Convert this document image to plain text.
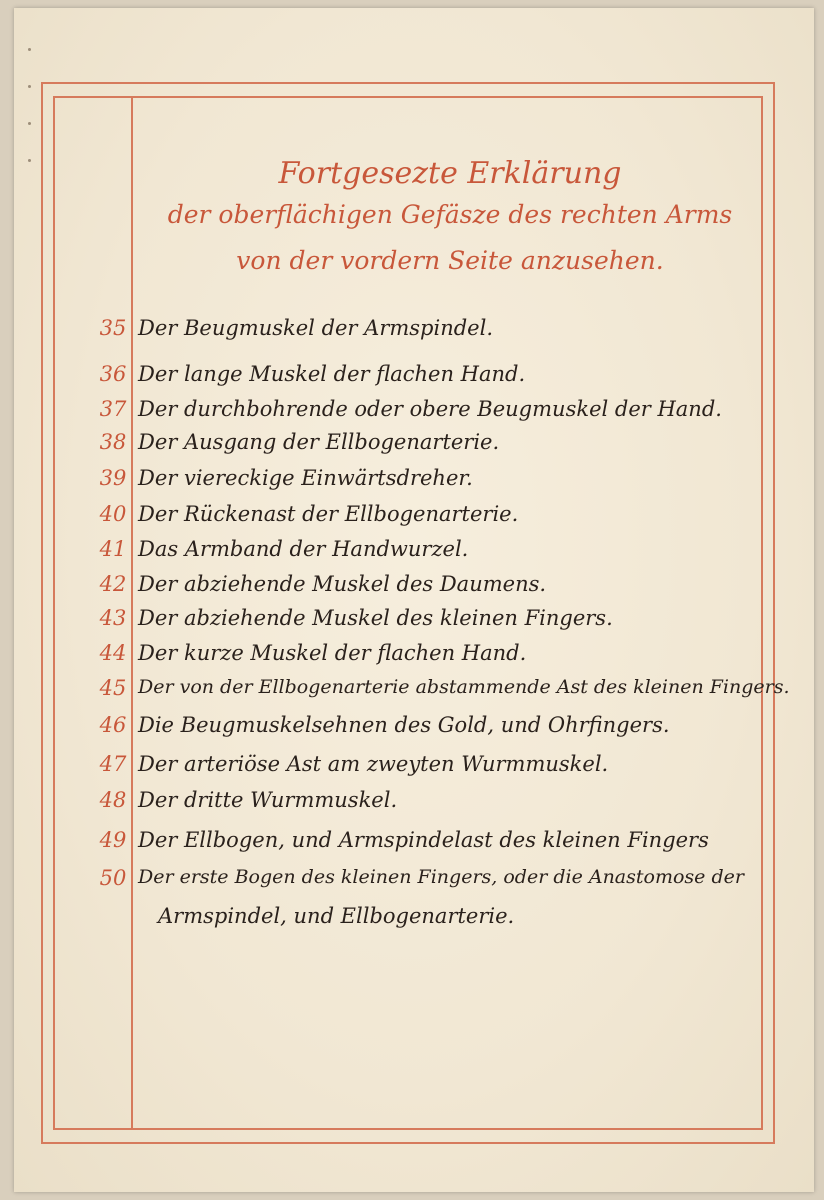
Fortgesezte Erklärung
der oberflächigen Gefäsze des rechten Arms
von der vordern Seite anzusehen.
35 Der Beugmuskel der Armspindel.
36 Der lange Muskel der flachen Hand.
37 Der durchbohrende oder obere Beugmuskel der Hand.
38 Der Ausgang der Ellbogenarterie.
39 Der viereckige Einwärtsdreher.
40 Der Rückenast der Ellbogenarterie.
41 Das Armband der Handwurzel.
42 Der abziehende Muskel des Daumens.
43 Der abziehende Muskel des kleinen Fingers.
44 Der kurze Muskel der flachen Hand.
45 Der von der Ellbogenarterie abstammende Ast des kleinen Fingers.
46 Die Beugmuskelsehnen des Gold, und Ohrfingers.
47 Der arteriöse Ast am zweyten Wurmmuskel.
48 Der dritte Wurmmuskel.
49 Der Ellbogen, und Armspindelast des kleinen Fingers
50 Der erste Bogen des kleinen Fingers, oder die Anastomose der
Armspindel, und Ellbogenarterie.
